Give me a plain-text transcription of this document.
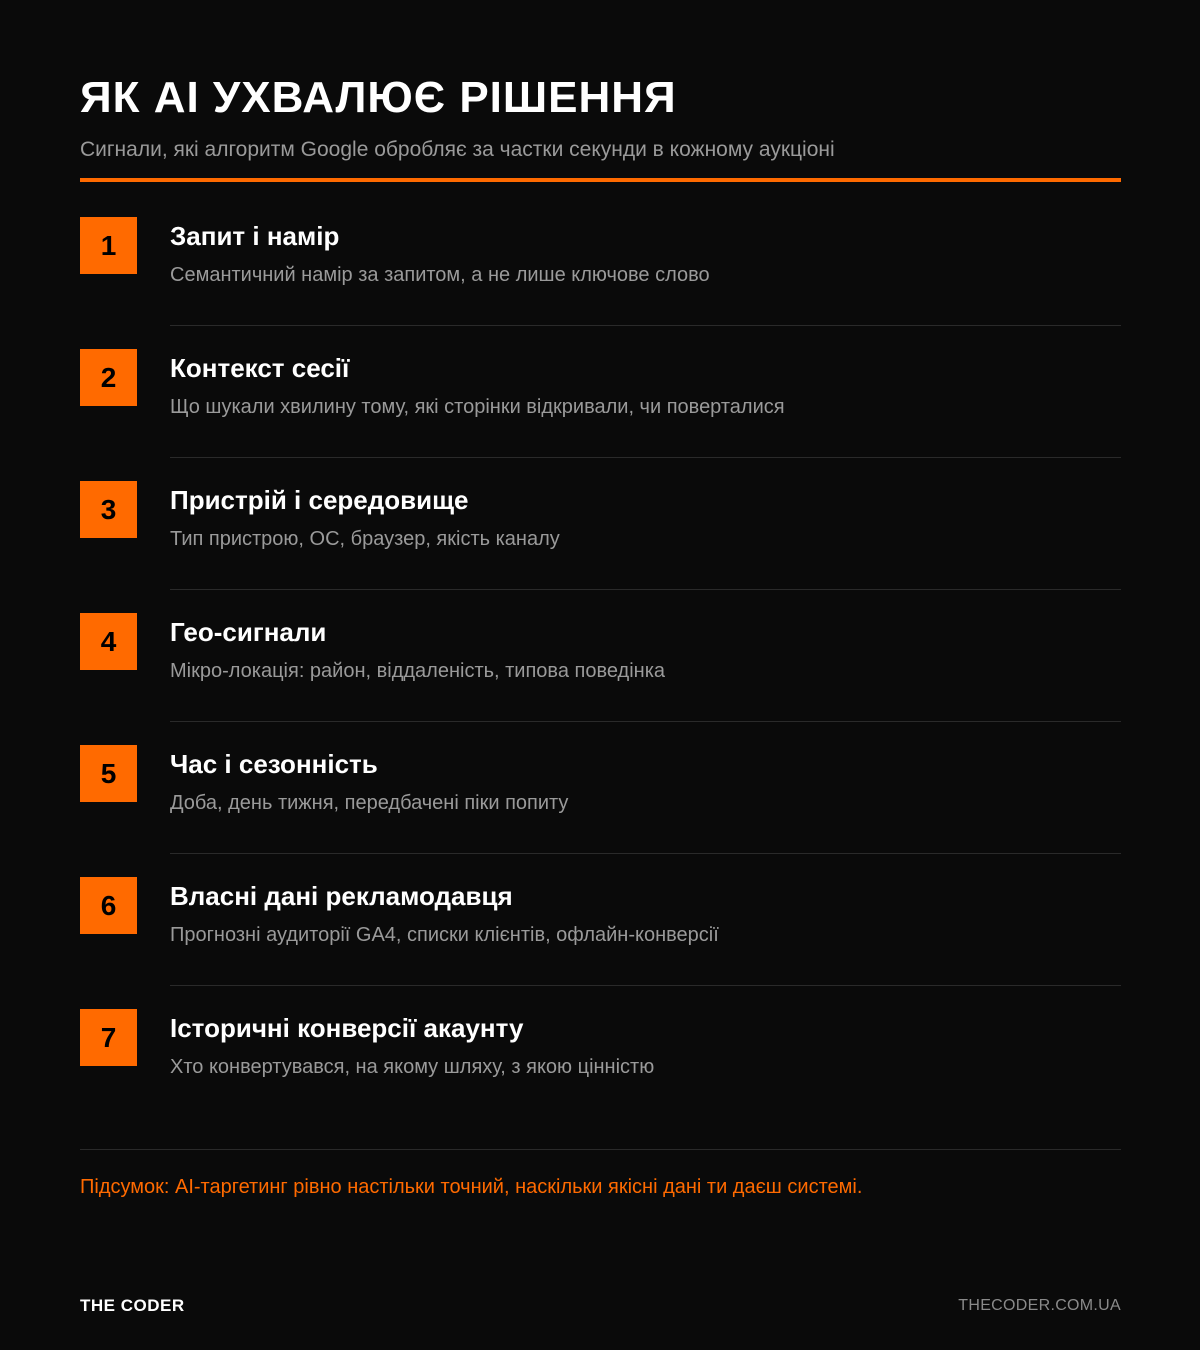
ЯК AI УХВАЛЮЄ РІШЕННЯ
Сигнали, які алгоритм Google обробляє за частки секунди в кожному аукціоні
1	Запит і намір
Семантичний намір за запитом, а не лише ключове слово
2	Контекст сесії
Що шукали хвилину тому, які сторінки відкривали, чи поверталися
3	Пристрій і середовище
Тип пристрою, ОС, браузер, якість каналу
4	Гео-сигнали
Мікро-локація: район, віддаленість, типова поведінка
5	Час і сезонність
Доба, день тижня, передбачені піки попиту
6	Власні дані рекламодавця
Прогнозні аудиторії GA4, списки клієнтів, офлайн-конверсії
7	Історичні конверсії акаунту
Хто конвертувався, на якому шляху, з якою цінністю
Підсумок: AI-таргетинг рівно настільки точний, наскільки якісні дані ти даєш системі.
THE CODER	THECODER.COM.UA
